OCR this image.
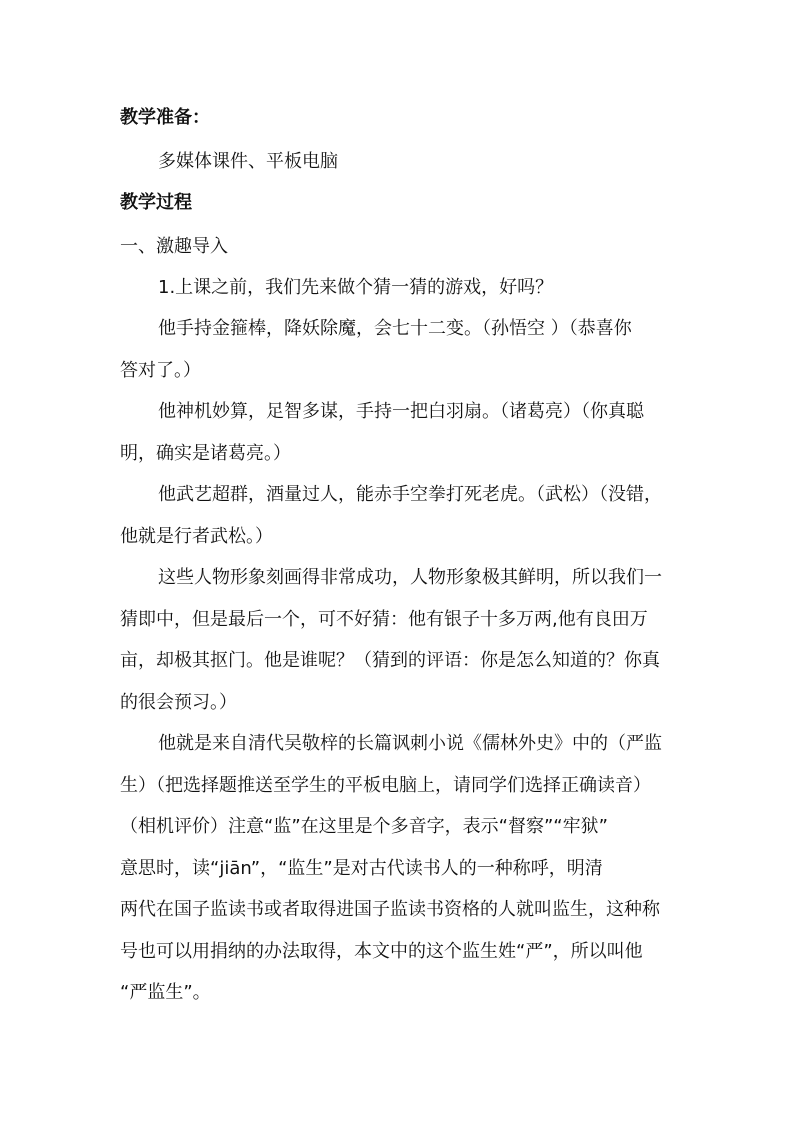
教学准备：

多媒体课件、平板电脑

教学过程

一、激趣导入

1.上课之前，我们先来做个猜一猜的游戏，好吗？

他手持金箍棒，降妖除魔，会七十二变。（孙悟空 ）（恭喜你
答对了。）

他神机妙算，足智多谋，手持一把白羽扇。（诸葛亮）（你真聪
明，确实是诸葛亮。）

他武艺超群，酒量过人，能赤手空拳打死老虎。（武松）（没错，
他就是行者武松。）

这些人物形象刻画得非常成功，人物形象极其鲜明，所以我们一
猜即中，但是最后一个，可不好猜：他有银子十多万两,他有良田万
亩，却极其抠门。他是谁呢？（猜到的评语：你是怎么知道的？你真
的很会预习。）

他就是来自清代吴敬梓的长篇讽刺小说《儒林外史》中的（严监
生）（把选择题推送至学生的平板电脑上，请同学们选择正确读音）
（相机评价）注意“监”在这里是个多音字，表示“督察”“牢狱”
意思时，读“jiān”，“监生”是对古代读书人的一种称呼，明清
两代在国子监读书或者取得进国子监读书资格的人就叫监生，这种称
号也可以用捐纳的办法取得，本文中的这个监生姓“严”，所以叫他
“严监生”。
